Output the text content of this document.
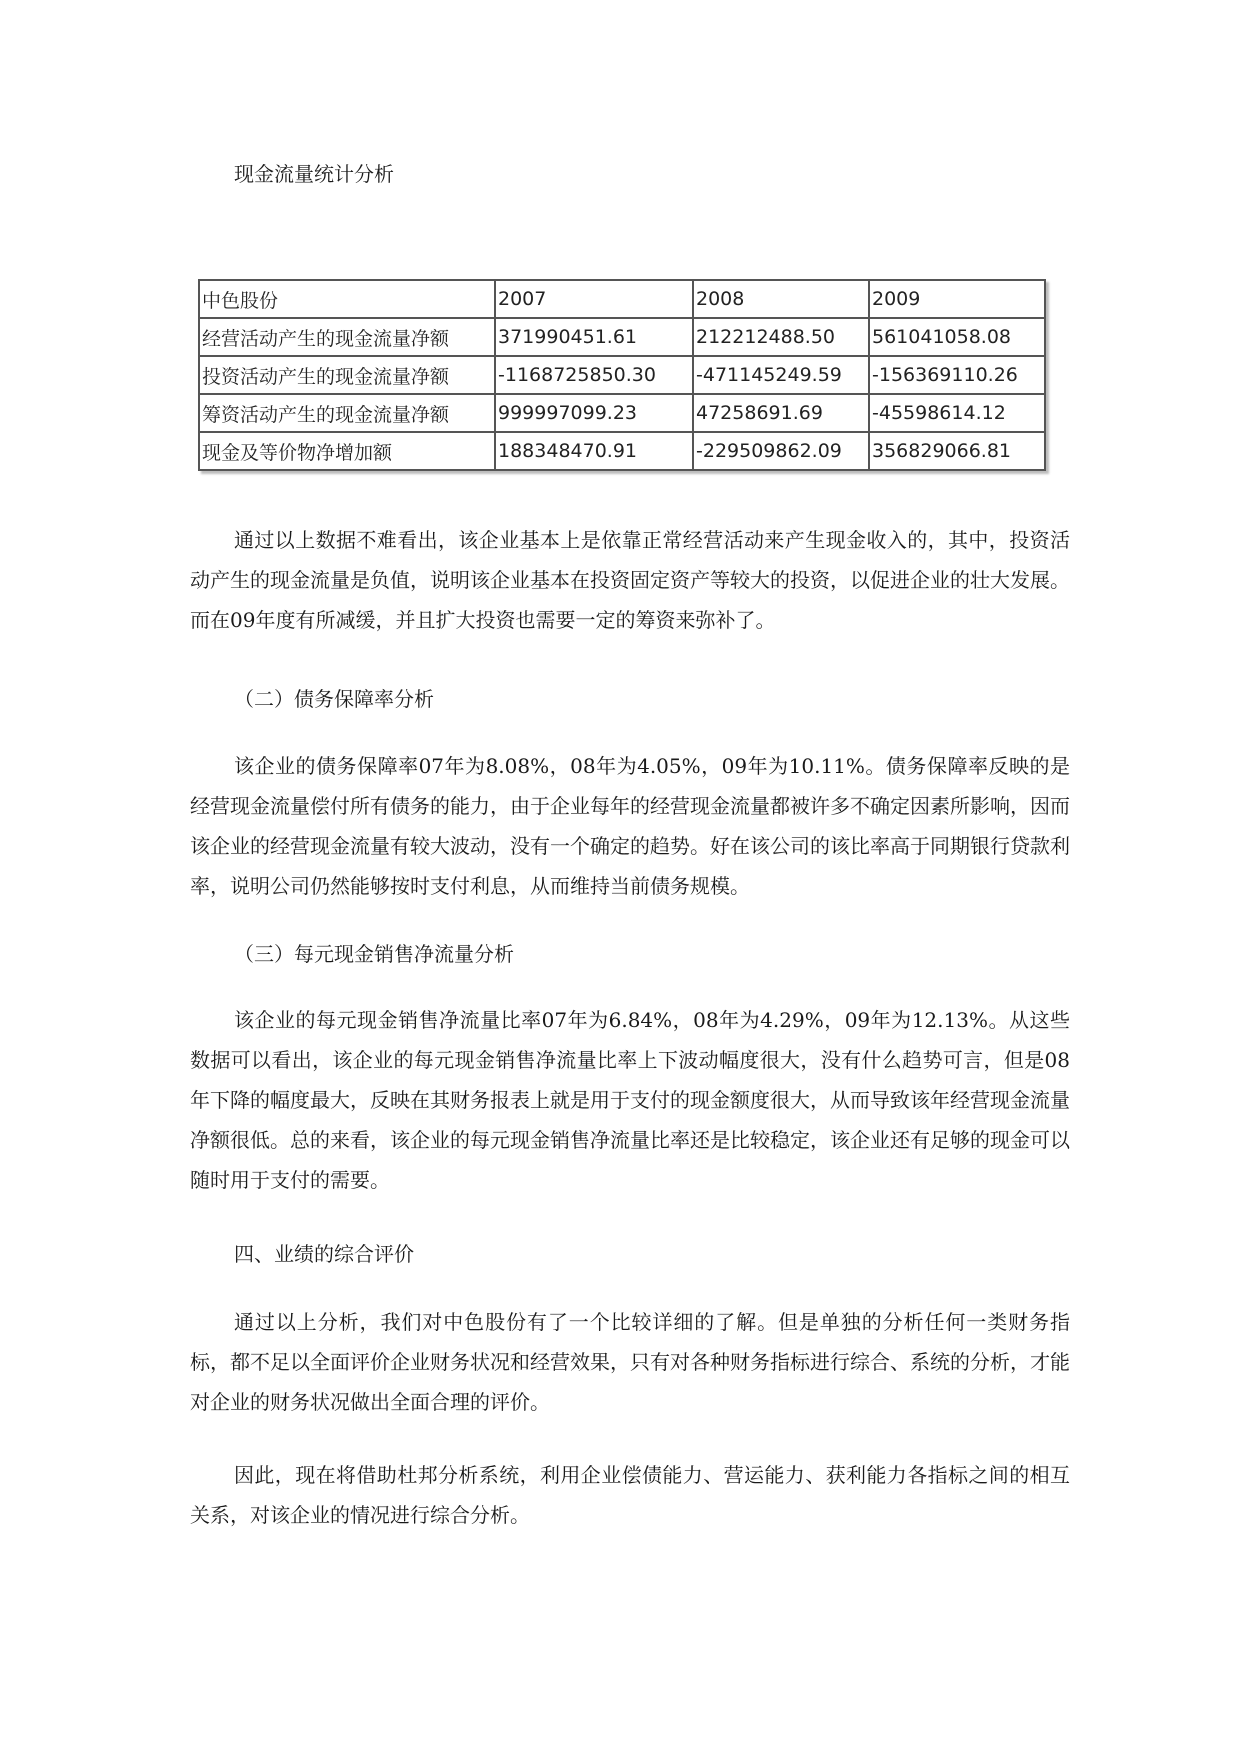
现金流量统计分析
中色股份	2007	2008	2009
经营活动产生的现金流量净额	371990451.61	212212488.50	561041058.08
投资活动产生的现金流量净额	-1168725850.30	-471145249.59	-156369110.26
筹资活动产生的现金流量净额	999997099.23	47258691.69	-45598614.12
现金及等价物净增加额	188348470.91	-229509862.09	356829066.81

通过以上数据不难看出，该企业基本上是依靠正常经营活动来产生现金收入的，其中，投资活动产生的现金流量是负值，说明该企业基本在投资固定资产等较大的投资，以促进企业的壮大发展。而在09年度有所减缓，并且扩大投资也需要一定的筹资来弥补了。

（二）债务保障率分析

该企业的债务保障率07年为8.08%，08年为4.05%，09年为10.11%。债务保障率反映的是经营现金流量偿付所有债务的能力，由于企业每年的经营现金流量都被许多不确定因素所影响，因而该企业的经营现金流量有较大波动，没有一个确定的趋势。好在该公司的该比率高于同期银行贷款利率，说明公司仍然能够按时支付利息，从而维持当前债务规模。

（三）每元现金销售净流量分析

该企业的每元现金销售净流量比率07年为6.84%，08年为4.29%，09年为12.13%。从这些数据可以看出，该企业的每元现金销售净流量比率上下波动幅度很大，没有什么趋势可言，但是08年下降的幅度最大，反映在其财务报表上就是用于支付的现金额度很大，从而导致该年经营现金流量净额很低。总的来看，该企业的每元现金销售净流量比率还是比较稳定，该企业还有足够的现金可以随时用于支付的需要。

四、业绩的综合评价

通过以上分析，我们对中色股份有了一个比较详细的了解。但是单独的分析任何一类财务指标，都不足以全面评价企业财务状况和经营效果，只有对各种财务指标进行综合、系统的分析，才能对企业的财务状况做出全面合理的评价。

因此，现在将借助杜邦分析系统，利用企业偿债能力、营运能力、获利能力各指标之间的相互关系，对该企业的情况进行综合分析。
